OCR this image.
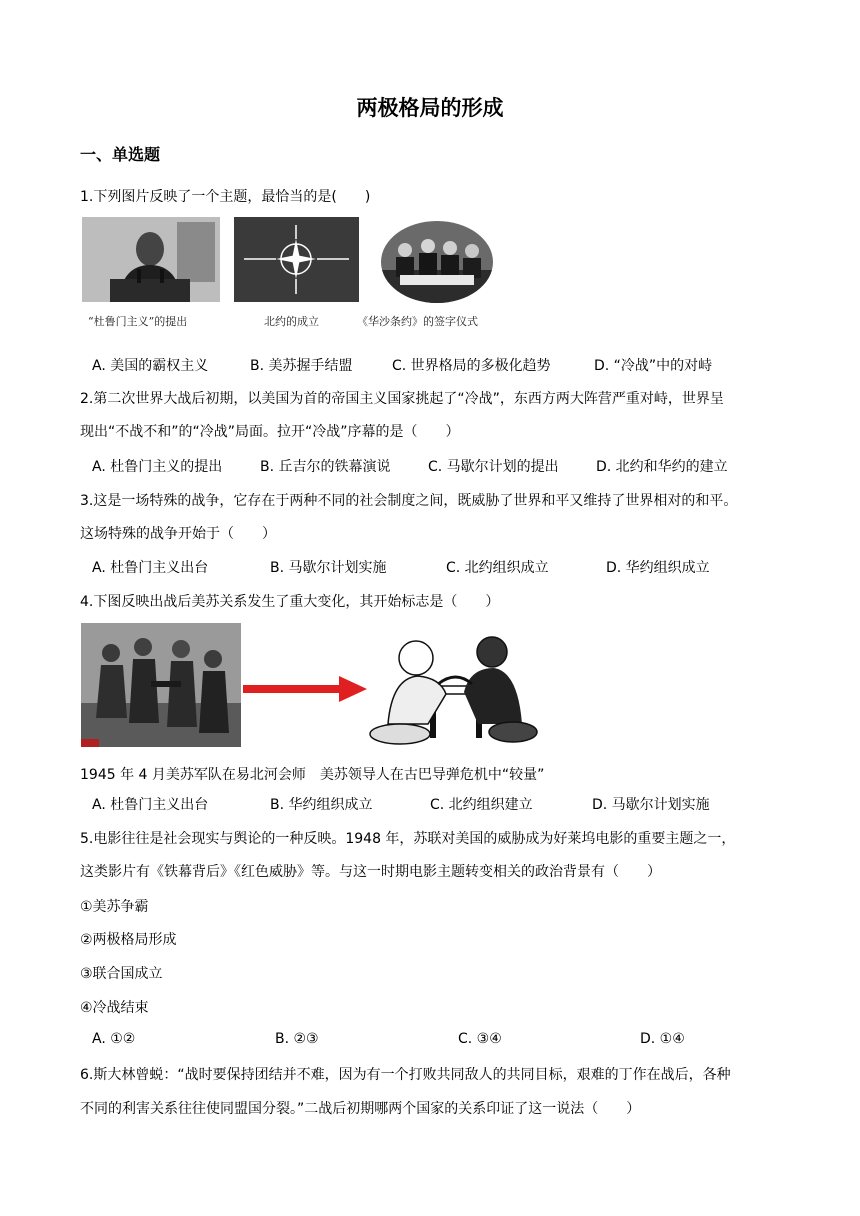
两极格局的形成
一、单选题
1.下列图片反映了一个主题，最恰当的是(　　)
“杜鲁门主义”的提出	北约的成立	《华沙条约》的签字仪式
A. 美国的霸权主义	B. 美苏握手结盟	C. 世界格局的多极化趋势	D. “冷战”中的对峙
2.第二次世界大战后初期，以美国为首的帝国主义国家挑起了“冷战”，东西方两大阵营严重对峙，世界呈
现出“不战不和”的“冷战”局面。拉开“冷战”序幕的是（　　）
A. 杜鲁门主义的提出	B. 丘吉尔的铁幕演说	C. 马歇尔计划的提出	D. 北约和华约的建立
3.这是一场特殊的战争，它存在于两种不同的社会制度之间，既威胁了世界和平又维持了世界相对的和平。
这场特殊的战争开始于（　　）
A. 杜鲁门主义出台	B. 马歇尔计划实施	C. 北约组织成立	D. 华约组织成立
4.下图反映出战后美苏关系发生了重大变化，其开始标志是（　　）
1945 年 4 月美苏军队在易北河会师　美苏领导人在古巴导弹危机中“较量”
A. 杜鲁门主义出台	B. 华约组织成立	C. 北约组织建立	D. 马歇尔计划实施
5.电影往往是社会现实与舆论的一种反映。1948 年，苏联对美国的威胁成为好莱坞电影的重要主题之一，
这类影片有《铁幕背后》《红色威胁》等。与这一时期电影主题转变相关的政治背景有（　　）
①美苏争霸
②两极格局形成
③联合国成立
④冷战结束
A. ①②	B. ②③	C. ③④	D. ①④
6.斯大林曾蜕：“战时要保持团结并不难，因为有一个打败共同敌人的共同目标，艰难的丁作在战后，各种
不同的利害关系往往使同盟国分裂。”二战后初期哪两个国家的关系印证了这一说法（　　）
